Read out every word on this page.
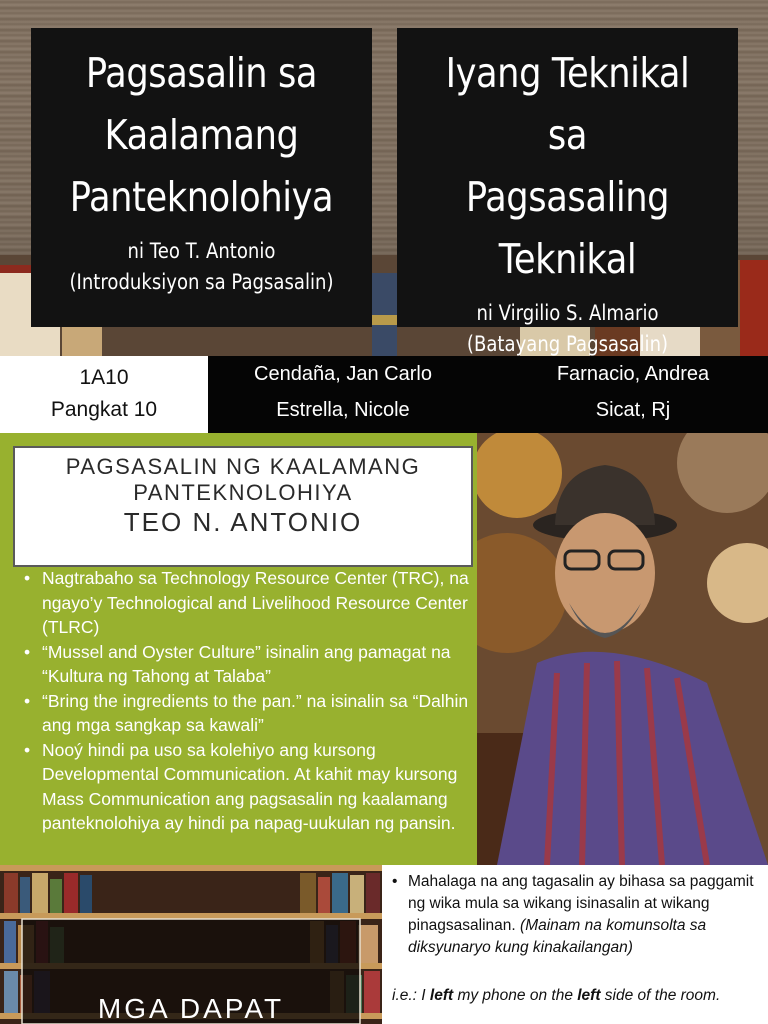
Pagsasalin sa
Kaalamang
Panteknolohiya
ni Teo T. Antonio
(Introduksiyon sa Pagsasalin)
Iyang Teknikal sa
Pagsasaling
Teknikal
ni Virgilio S. Almario
(Batayang Pagsasalin)
1A10
Pangkat 10
Cendaña, Jan Carlo
Estrella, Nicole
Farnacio, Andrea
Sicat, Rj
PAGSASALIN NG KAALAMANG
PANTEKNOLOHIYA
TEO N. ANTONIO
• Nagtrabaho sa Technology Resource Center (TRC), na ngayo’y Technological and Livelihood Resource Center (TLRC)
• “Mussel and Oyster Culture” isinalin ang pamagat na “Kultura ng Tahong at Talaba”
• “Bring the ingredients to the pan.” na isinalin sa “Dalhin ang mga sangkap sa kawali”
• Nooý hindi pa uso sa kolehiyo ang kursong Developmental Communication. At kahit may kursong Mass Communication ang pagsasalin ng kaalamang panteknolohiya ay hindi pa napag-uukulan ng pansin.
MGA DAPAT
• Mahalaga na ang tagasalin ay bihasa sa paggamit ng wika mula sa wikang isinasalin at wikang pinagsasalinan. (Mainam na komunsolta sa diksyunaryo kung kinakailangan)
i.e.: I left my phone on the left side of the room.
